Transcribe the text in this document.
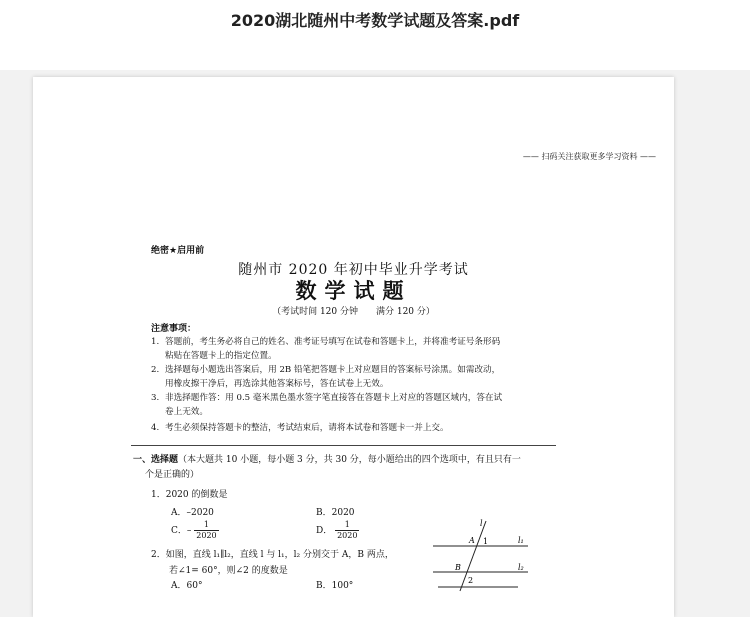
2020湖北随州中考数学试题及答案.pdf
—— 扫码关注获取更多学习资料 ——
绝密★启用前
随州市 2020 年初中毕业升学考试
数学试题
（考试时间 120 分钟　　满分 120 分）
注意事项：
1. 答题前，考生务必将自己的姓名、准考证号填写在试卷和答题卡上，并将准考证号条形码
粘贴在答题卡上的指定位置。
2. 选择题每小题选出答案后，用 2B 铅笔把答题卡上对应题目的答案标号涂黑。如需改动，
用橡皮擦干净后，再选涂其他答案标号，答在试卷上无效。
3. 非选择题作答：用 0.5 毫米黑色墨水签字笔直接答在答题卡上对应的答题区域内，答在试
卷上无效。
4. 考生必须保持答题卡的整洁，考试结束后，请将本试卷和答题卡一并上交。
一、选择题（本大题共 10 小题，每小题 3 分，共 30 分，每小题给出的四个选项中，有且只有一
个是正确的）
1．2020 的倒数是
A．–2020	B．2020
C．– $\frac{1}{2020}$	D． $\frac{1}{2020}$
2．如图，直线 l₁∥l₂，直线 l 与 l₁，l₂ 分别交于 A，B 两点，
若∠1= 60°，则∠2 的度数是
A．60°	B．100°
l
A 1	l₁
B
2
l₂
